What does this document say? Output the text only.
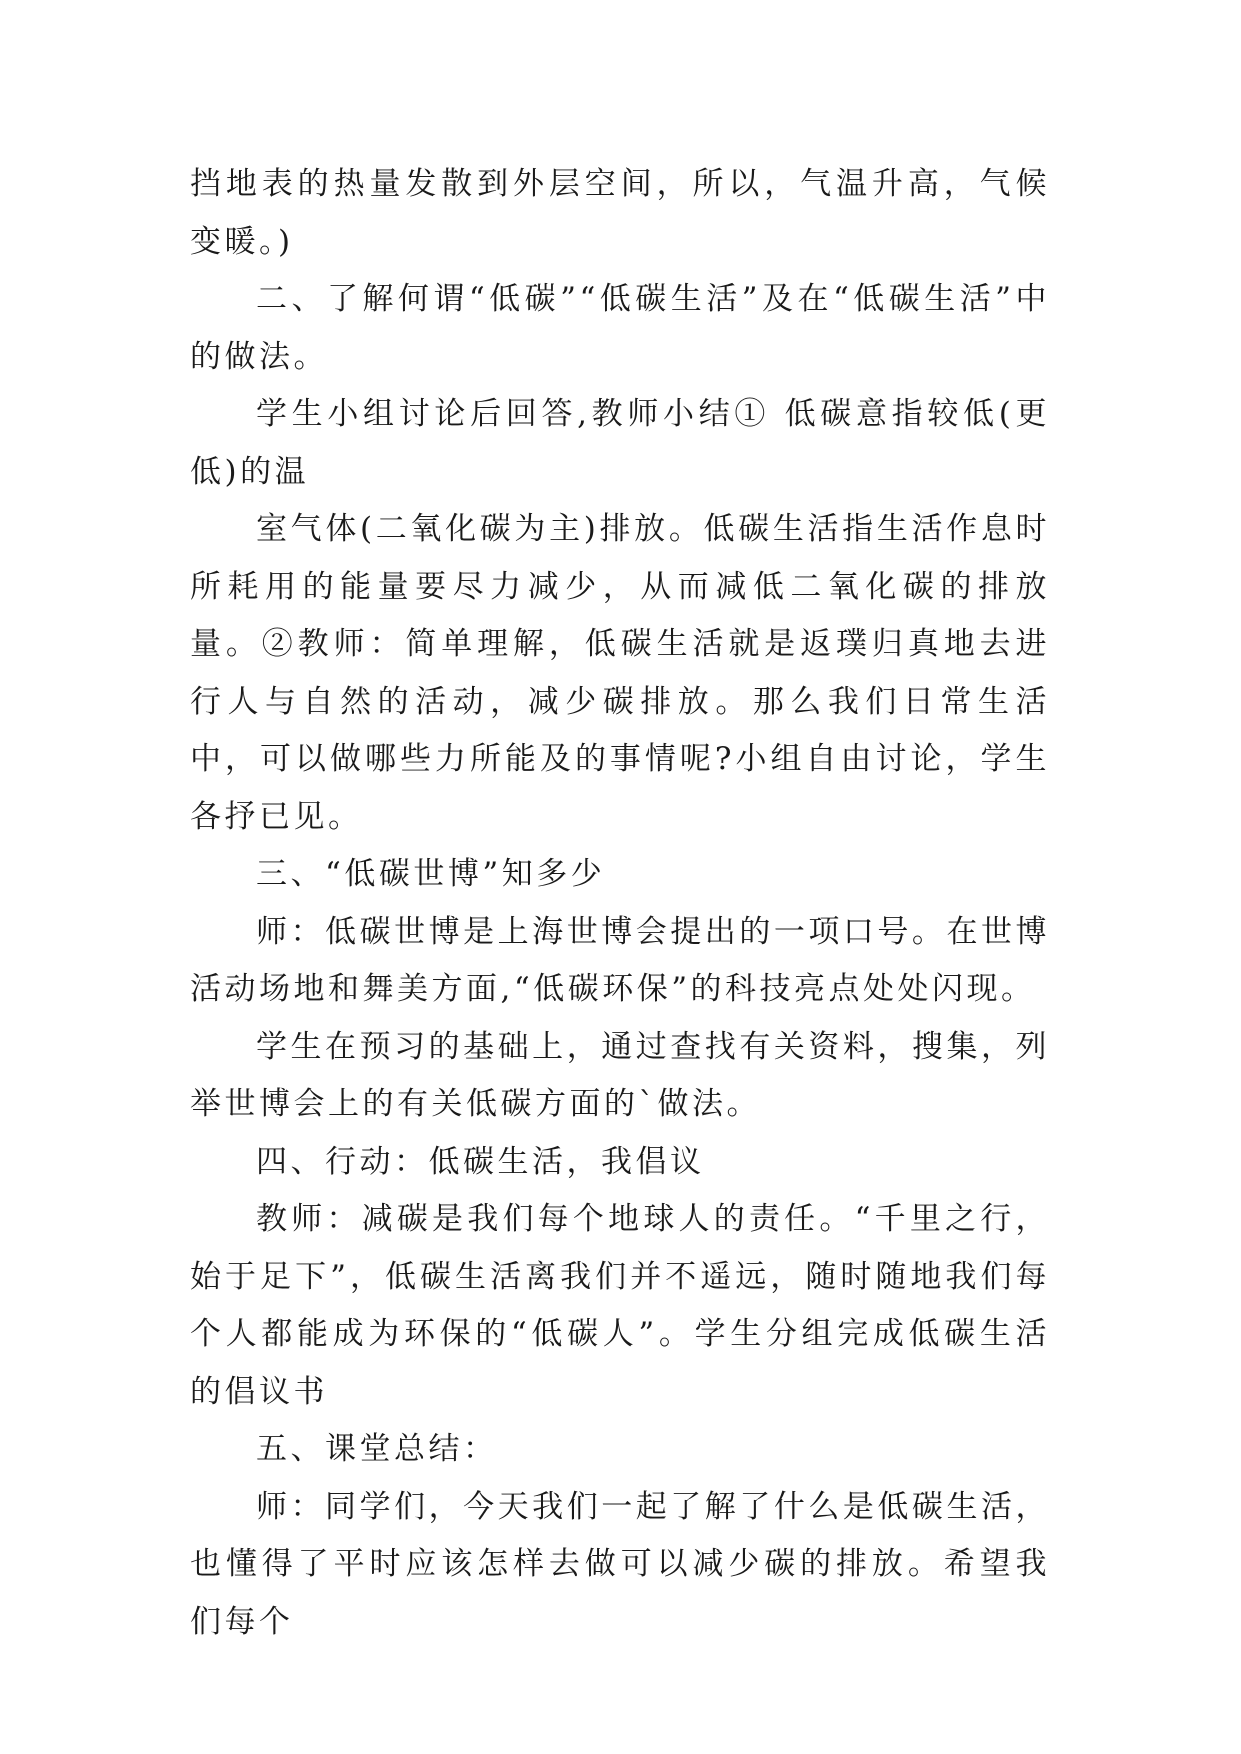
挡地表的热量发散到外层空间，所以，气温升高，气候变暖。)

二、了解何谓“低碳”“低碳生活”及在“低碳生活”中的做法。

学生小组讨论后回答,教师小结① 低碳意指较低(更低)的温

室气体(二氧化碳为主)排放。低碳生活指生活作息时所耗用的能量要尽力减少，从而减低二氧化碳的排放量。②教师：简单理解，低碳生活就是返璞归真地去进行人与自然的活动，减少碳排放。那么我们日常生活中，可以做哪些力所能及的事情呢?小组自由讨论，学生各抒已见。

三、“低碳世博”知多少

师：低碳世博是上海世博会提出的一项口号。在世博活动场地和舞美方面,“低碳环保”的科技亮点处处闪现。

学生在预习的基础上，通过查找有关资料，搜集，列举世博会上的有关低碳方面的`做法。

四、行动：低碳生活，我倡议

教师：减碳是我们每个地球人的责任。“千里之行，始于足下”，低碳生活离我们并不遥远，随时随地我们每个人都能成为环保的“低碳人”。学生分组完成低碳生活的倡议书

五、课堂总结：

师：同学们，今天我们一起了解了什么是低碳生活，也懂得了平时应该怎样去做可以减少碳的排放。希望我们每个
